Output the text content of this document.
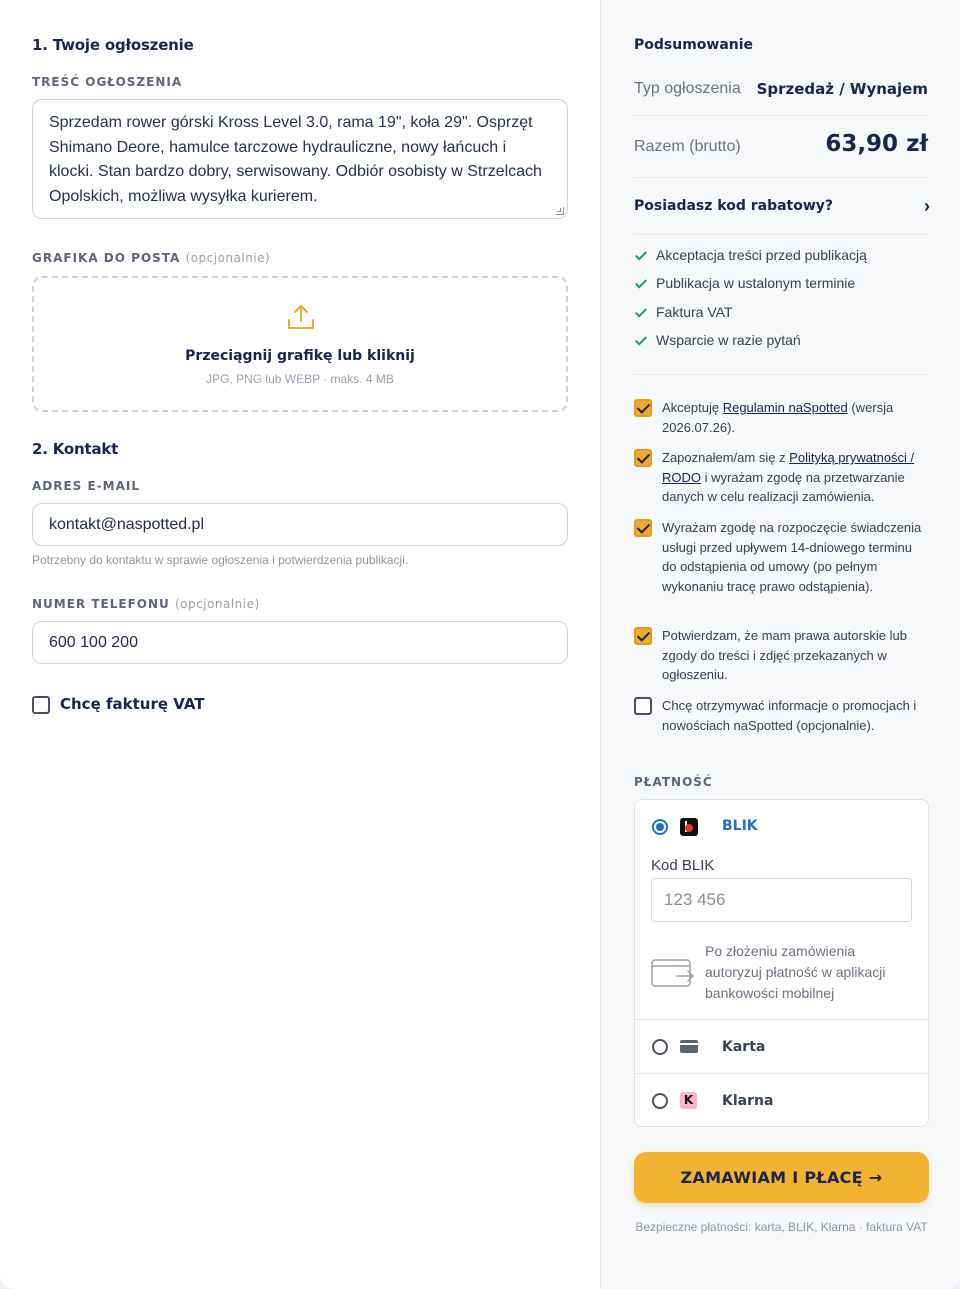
1. Twoje ogłoszenie
TREŚĆ OGŁOSZENIA
Sprzedam rower górski Kross Level 3.0, rama 19", koła 29". Osprzęt Shimano Deore, hamulce tarczowe hydrauliczne, nowy łańcuch i klocki. Stan bardzo dobry, serwisowany. Odbiór osobisty w Strzelcach Opolskich, możliwa wysyłka kurierem.
GRAFIKA DO POSTA (opcjonalnie)
Przeciągnij grafikę lub kliknij
JPG, PNG lub WEBP · maks. 4 MB
2. Kontakt
ADRES E-MAIL
kontakt@naspotted.pl
Potrzebny do kontaktu w sprawie ogłoszenia i potwierdzenia publikacji.
NUMER TELEFONU (opcjonalnie)
600 100 200
Chcę fakturę VAT
Podsumowanie
Typ ogłoszenia Sprzedaż / Wynajem
Razem (brutto)	63,90 zł
Posiadasz kod rabatowy?	›
Akceptacja treści przed publikacją
Publikacja w ustalonym terminie
Faktura VAT
Wsparcie w razie pytań
Akceptuję Regulamin naSpotted (wersja 2026.07.26).
Zapoznałem/am się z Polityką prywatności / RODO i wyrażam zgodę na przetwarzanie danych w celu realizacji zamówienia.
Wyrażam zgodę na rozpoczęcie świadczenia usługi przed upływem 14-dniowego terminu do odstąpienia od umowy (po pełnym wykonaniu tracę prawo odstąpienia).
Potwierdzam, że mam prawa autorskie lub zgody do treści i zdjęć przekazanych w ogłoszeniu.
Chcę otrzymywać informacje o promocjach i nowościach naSpotted (opcjonalnie).
PŁATNOŚĆ
BLIK
Kod BLIK
123 456
Po złożeniu zamówienia autoryzuj płatność w aplikacji bankowości mobilnej
Karta
K Klarna
ZAMAWIAM I PŁACĘ →
Bezpieczne płatności: karta, BLIK, Klarna · faktura VAT
